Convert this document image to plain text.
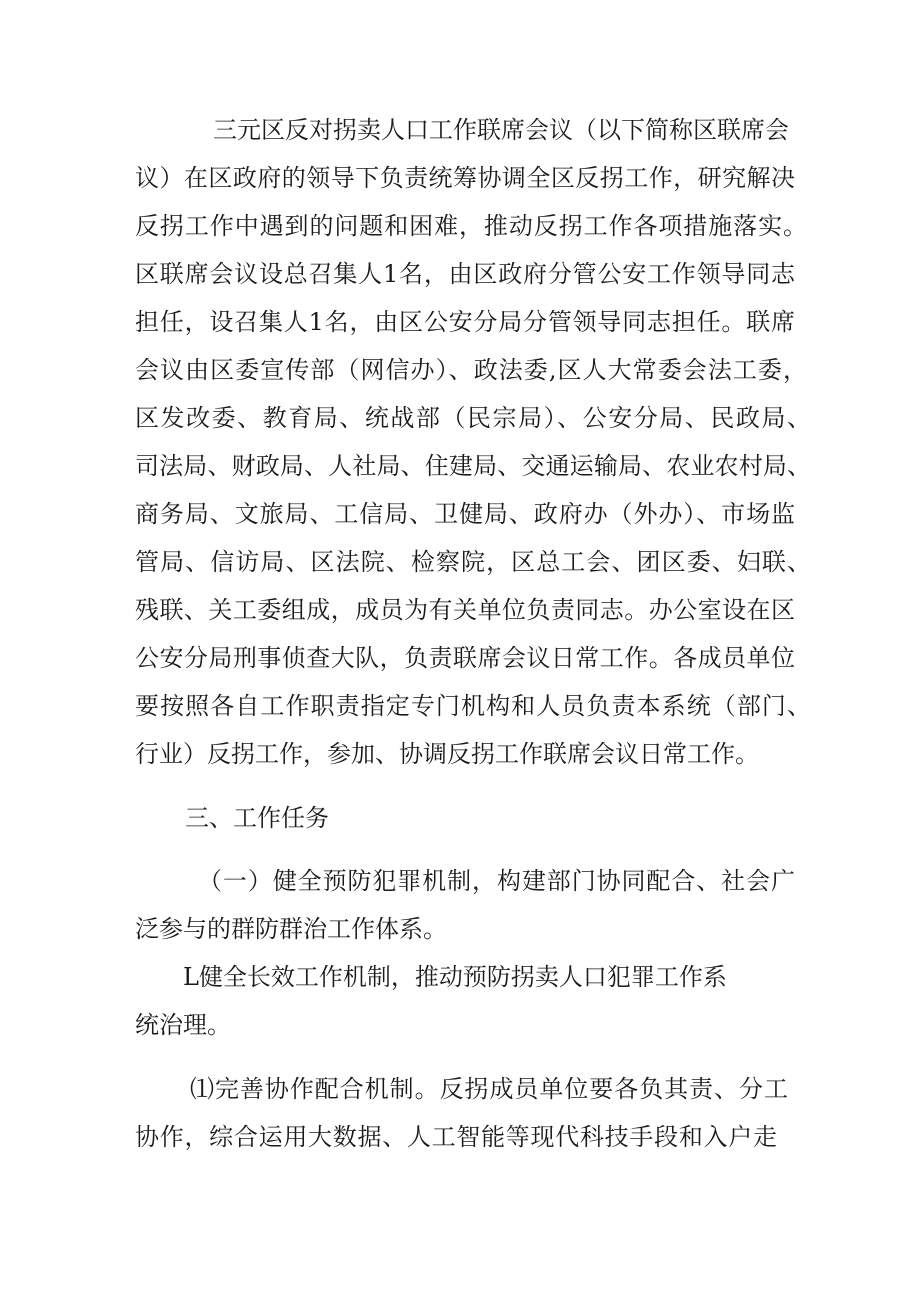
三元区反对拐卖人口工作联席会议（以下简称区联席会
议）在区政府的领导下负责统筹协调全区反拐工作，研究解决
反拐工作中遇到的问题和困难，推动反拐工作各项措施落实。
区联席会议设总召集人1名，由区政府分管公安工作领导同志
担任，设召集人1名，由区公安分局分管领导同志担任。联席
会议由区委宣传部（网信办）、政法委,区人大常委会法工委，
区发改委、教育局、统战部（民宗局）、公安分局、民政局、
司法局、财政局、人社局、住建局、交通运输局、农业农村局、
商务局、文旅局、工信局、卫健局、政府办（外办）、市场监
管局、信访局、区法院、检察院，区总工会、团区委、妇联、
残联、关工委组成，成员为有关单位负责同志。办公室设在区
公安分局刑事侦查大队，负责联席会议日常工作。各成员单位
要按照各自工作职责指定专门机构和人员负责本系统（部门、
行业）反拐工作，参加、协调反拐工作联席会议日常工作。
三、工作任务
（一）健全预防犯罪机制，构建部门协同配合、社会广
泛参与的群防群治工作体系。
L健全长效工作机制，推动预防拐卖人口犯罪工作系
统治理。
⑴完善协作配合机制。反拐成员单位要各负其责、分工
协作，综合运用大数据、人工智能等现代科技手段和入户走
